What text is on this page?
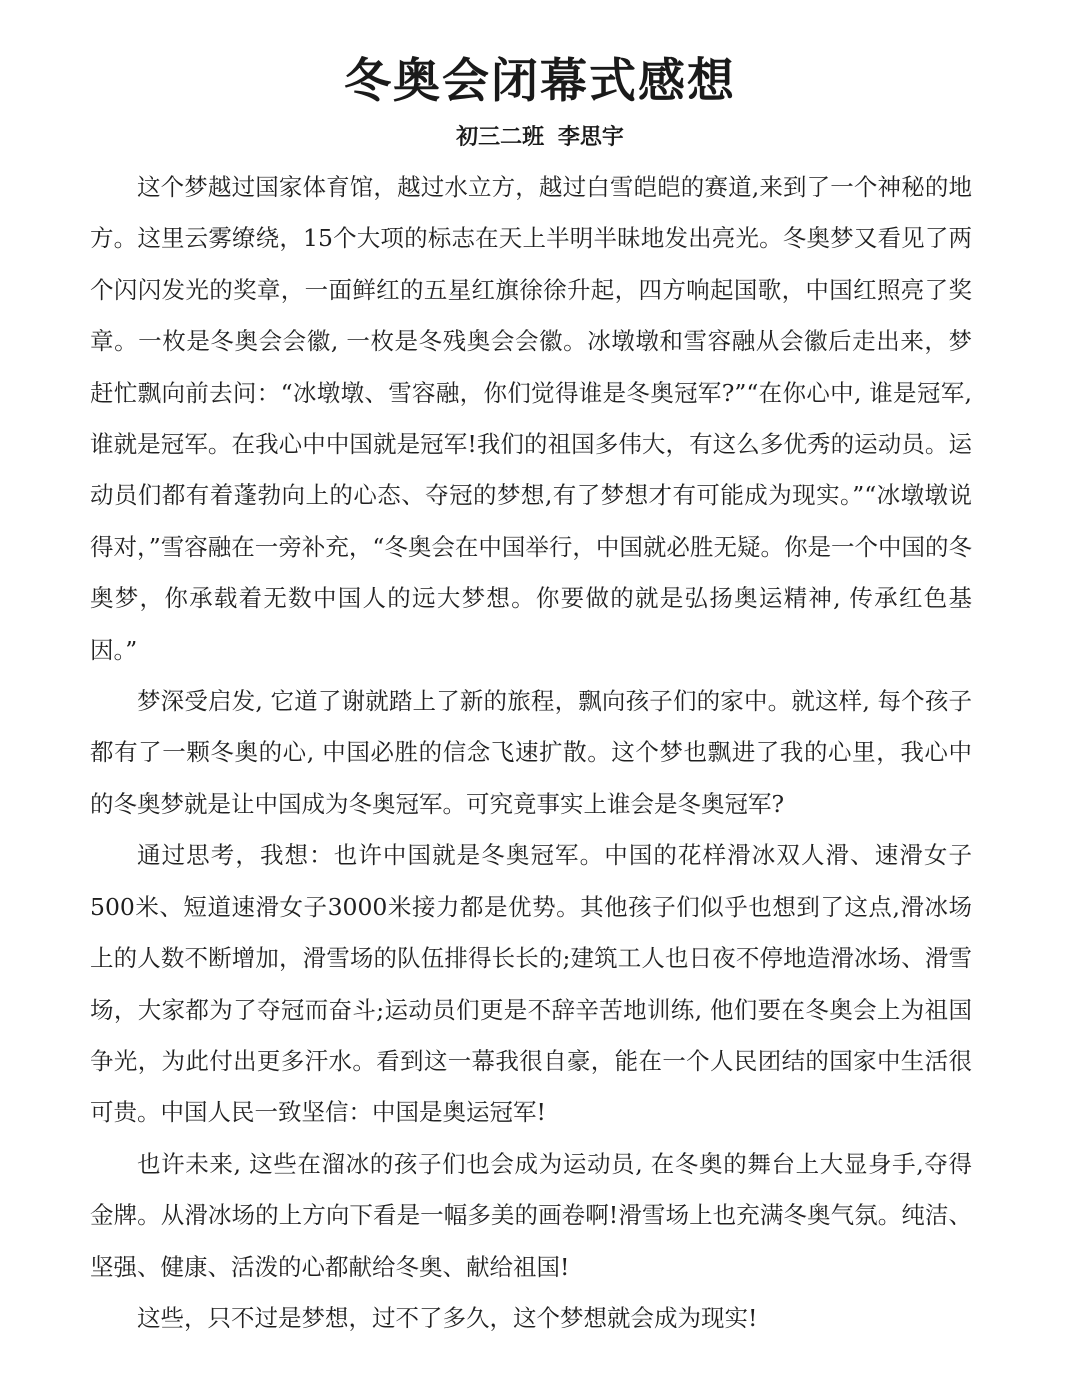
冬奥会闭幕式感想
初三二班 李思宇

这个梦越过国家体育馆，越过水立方，越过白雪皑皑的赛道,来到了一个神秘的地方。这里云雾缭绕，15个大项的标志在天上半明半昧地发出亮光。冬奥梦又看见了两个闪闪发光的奖章，一面鲜红的五星红旗徐徐升起，四方响起国歌，中国红照亮了奖章。一枚是冬奥会会徽, 一枚是冬残奥会会徽。冰墩墩和雪容融从会徽后走出来，梦赶忙飘向前去问：“冰墩墩、雪容融，你们觉得谁是冬奥冠军?”“在你心中, 谁是冠军, 谁就是冠军。在我心中中国就是冠军!我们的祖国多伟大，有这么多优秀的运动员。运动员们都有着蓬勃向上的心态、夺冠的梦想,有了梦想才有可能成为现实。”“冰墩墩说得对，”雪容融在一旁补充，“冬奥会在中国举行，中国就必胜无疑。你是一个中国的冬奥梦，你承载着无数中国人的远大梦想。你要做的就是弘扬奥运精神, 传承红色基因。”

梦深受启发, 它道了谢就踏上了新的旅程，飘向孩子们的家中。就这样, 每个孩子都有了一颗冬奥的心, 中国必胜的信念飞速扩散。这个梦也飘进了我的心里，我心中的冬奥梦就是让中国成为冬奥冠军。可究竟事实上谁会是冬奥冠军?

通过思考，我想：也许中国就是冬奥冠军。中国的花样滑冰双人滑、速滑女子500米、短道速滑女子3000米接力都是优势。其他孩子们似乎也想到了这点,滑冰场上的人数不断增加，滑雪场的队伍排得长长的;建筑工人也日夜不停地造滑冰场、滑雪场，大家都为了夺冠而奋斗;运动员们更是不辞辛苦地训练, 他们要在冬奥会上为祖国争光，为此付出更多汗水。看到这一幕我很自豪，能在一个人民团结的国家中生活很可贵。中国人民一致坚信：中国是奥运冠军!

也许未来, 这些在溜冰的孩子们也会成为运动员, 在冬奥的舞台上大显身手,夺得金牌。从滑冰场的上方向下看是一幅多美的画卷啊!滑雪场上也充满冬奥气氛。纯洁、坚强、健康、活泼的心都献给冬奥、献给祖国!

这些，只不过是梦想，过不了多久，这个梦想就会成为现实!
